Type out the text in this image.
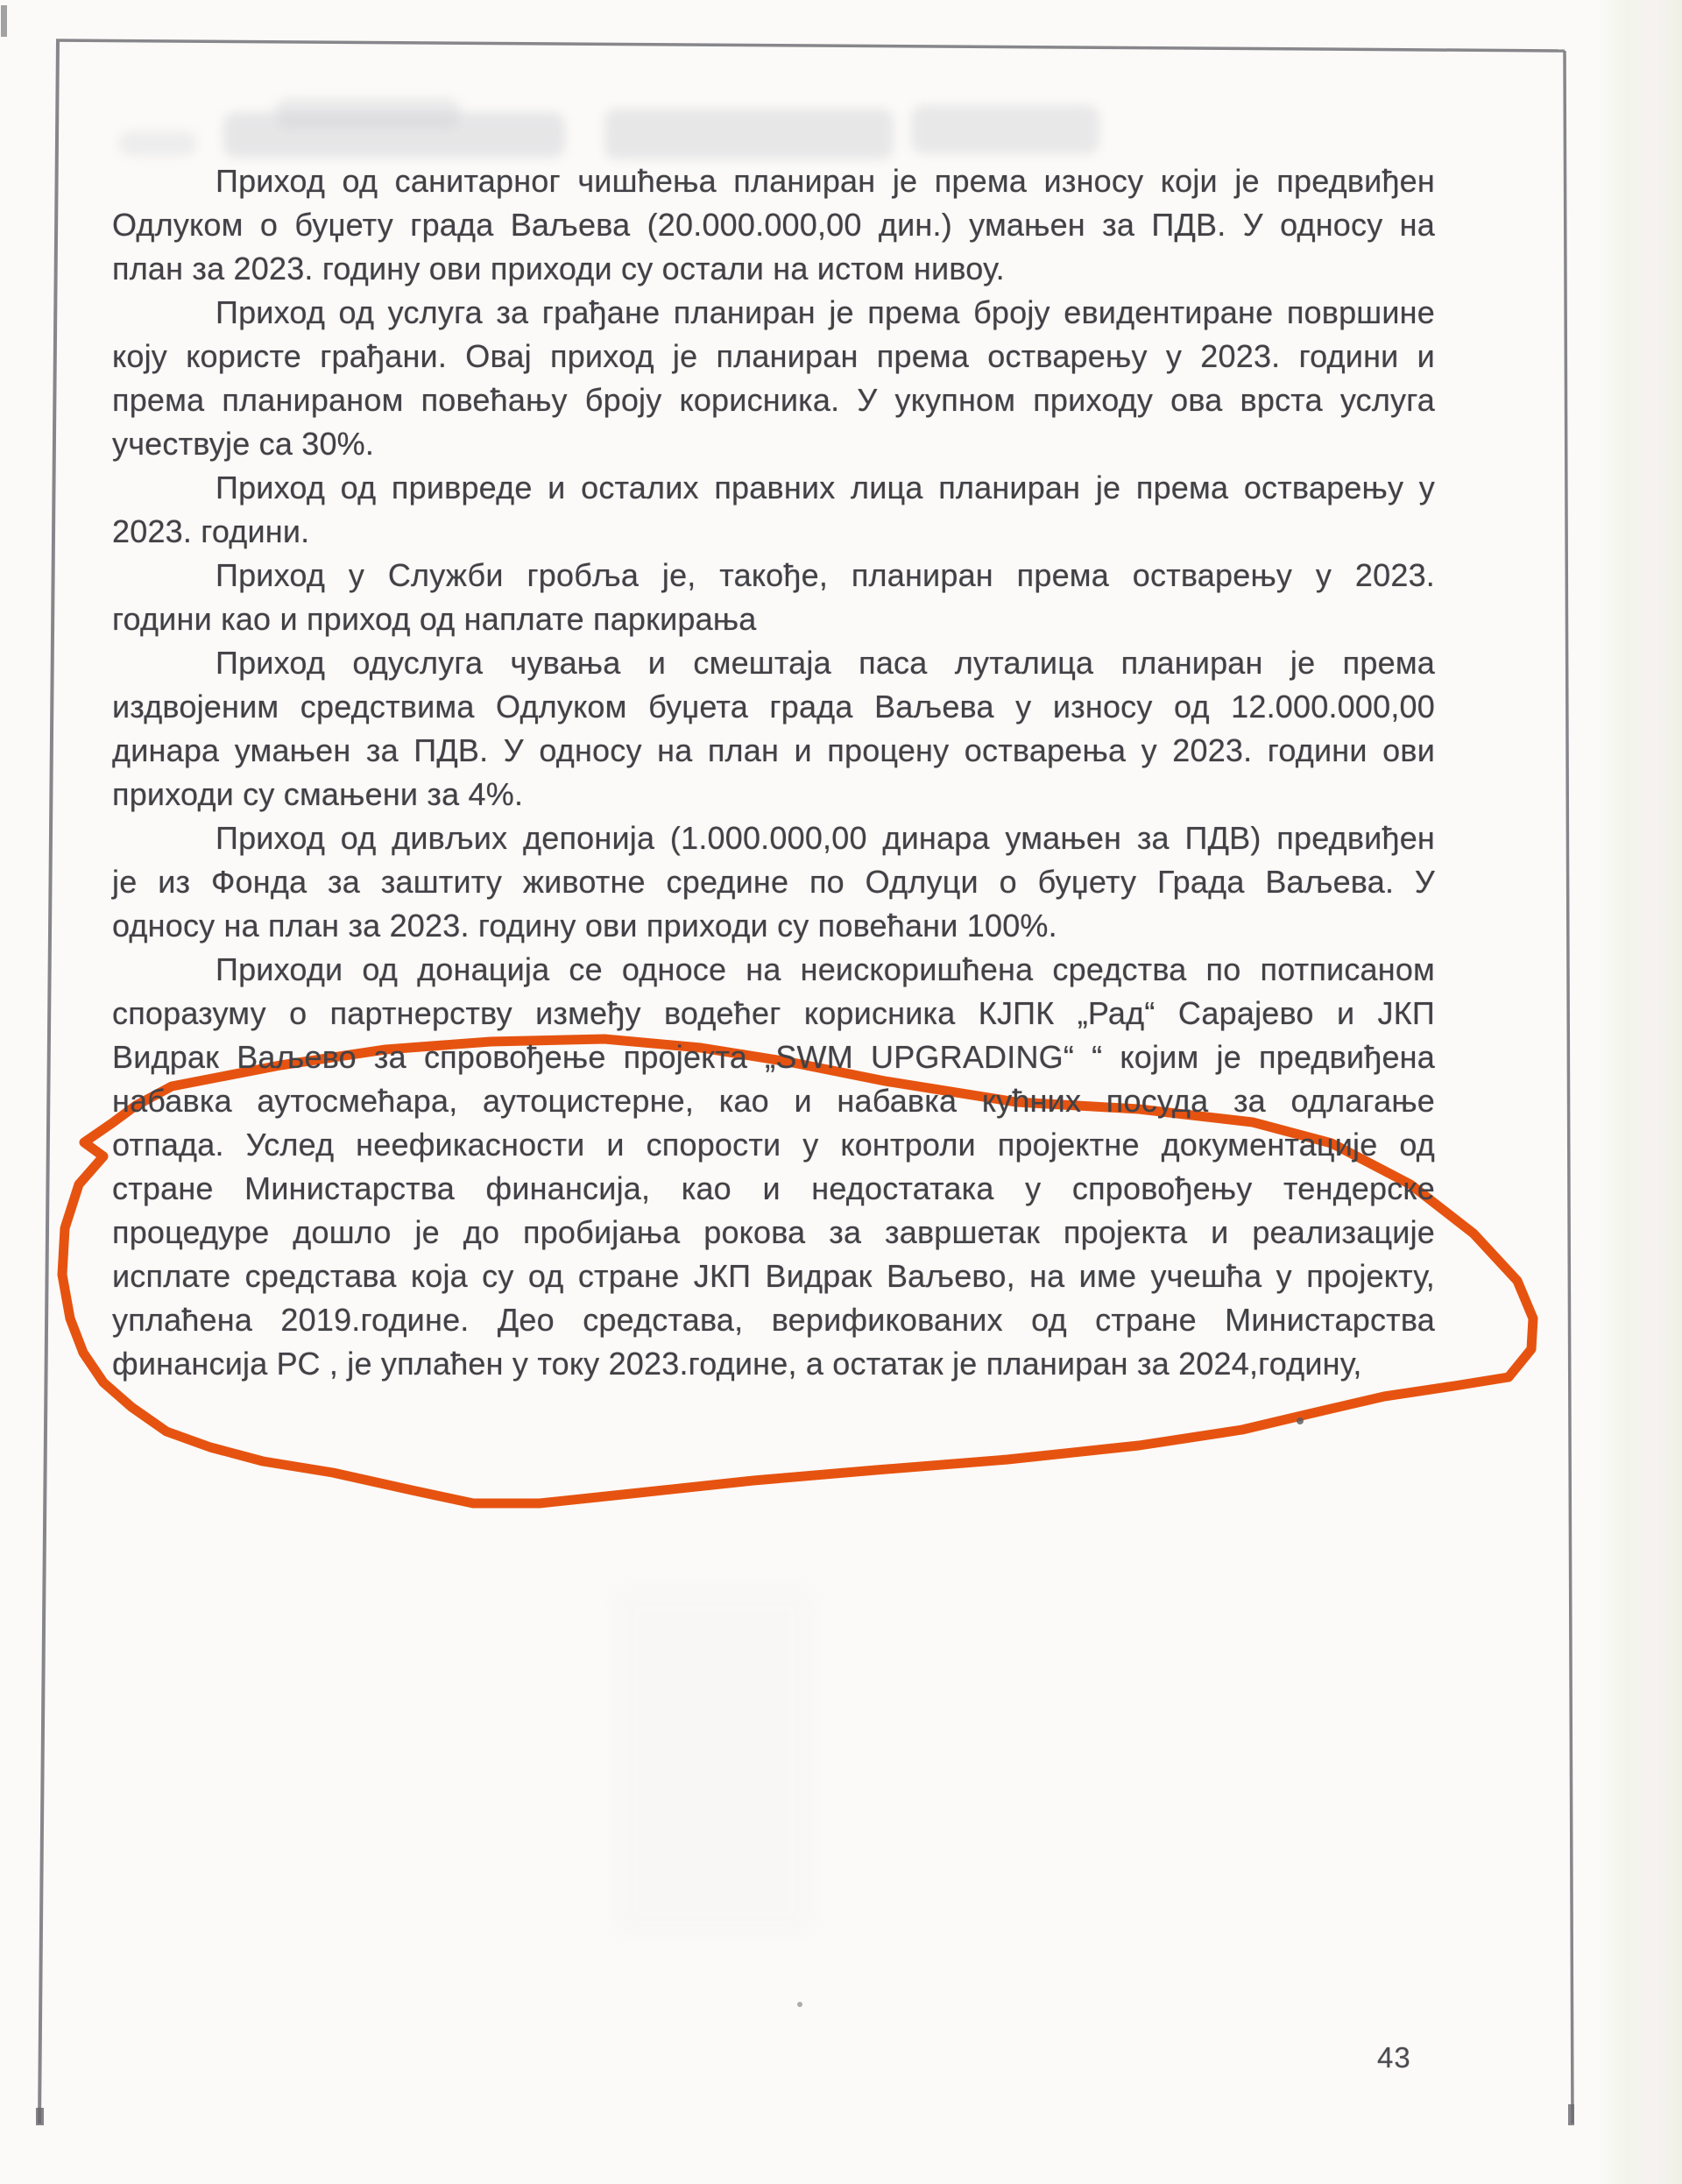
Приход од санитарног чишћења планиран је према износу који је предвиђен
Одлуком о буџету града Ваљева (20.000.000,00 дин.) умањен за ПДВ. У односу на
план за 2023. годину ови приходи су остали на истом нивоу.
Приход од услуга за грађане планиран је према броју евидентиране површине
коју користе грађани. Овај приход је планиран према остварењу у 2023. години и
према планираном повећању броју корисника. У укупном приходу ова врста услуга
учествује са 30%.
Приход од привреде и осталих правних лица планиран је према остварењу у
2023. години.
Приход у Служби гробља је, такође, планиран према остварењу у 2023.
години као и приход од наплате паркирања
Приход одуслуга чувања и смештаја паса луталица планиран је према
издвојеним средствима Одлуком буџета града Ваљева у износу од 12.000.000,00
динара умањен за ПДВ. У односу на план и процену остварења у 2023. години ови
приходи су смањени за 4%.
Приход од дивљих депонија (1.000.000,00 динара умањен за ПДВ) предвиђен
је из Фонда за заштиту животне средине по Одлуци о буџету Града Ваљева. У
односу на план за 2023. годину ови приходи су повећани 100%.
Приходи од донација се односе на неискоришћена средства по потписаном
споразуму о партнерству између водећег корисника КЈПК „Рад“ Сарајево и ЈКП
Видрак Ваљево за спровођење пројекта „SWM UPGRADING“ “ којим је предвиђена
набавка аутосмећара, аутоцистерне, као и набавка кућних посуда за одлагање
отпада. Услед неефикасности и спорости у контроли пројектне документације од
стране Министарства финансија, као и недостатака у спровођењу тендерске
процедуре дошло је до пробијања рокова за завршетак пројекта и реализације
исплате средстава која су од стране ЈКП Видрак Ваљево, на име учешћа у пројекту,
уплаћена 2019.године. Део средстава, верификованих од стране Министарства
финансија РС , је уплаћен у току 2023.године, а остатак је планиран за 2024,годину,
43
